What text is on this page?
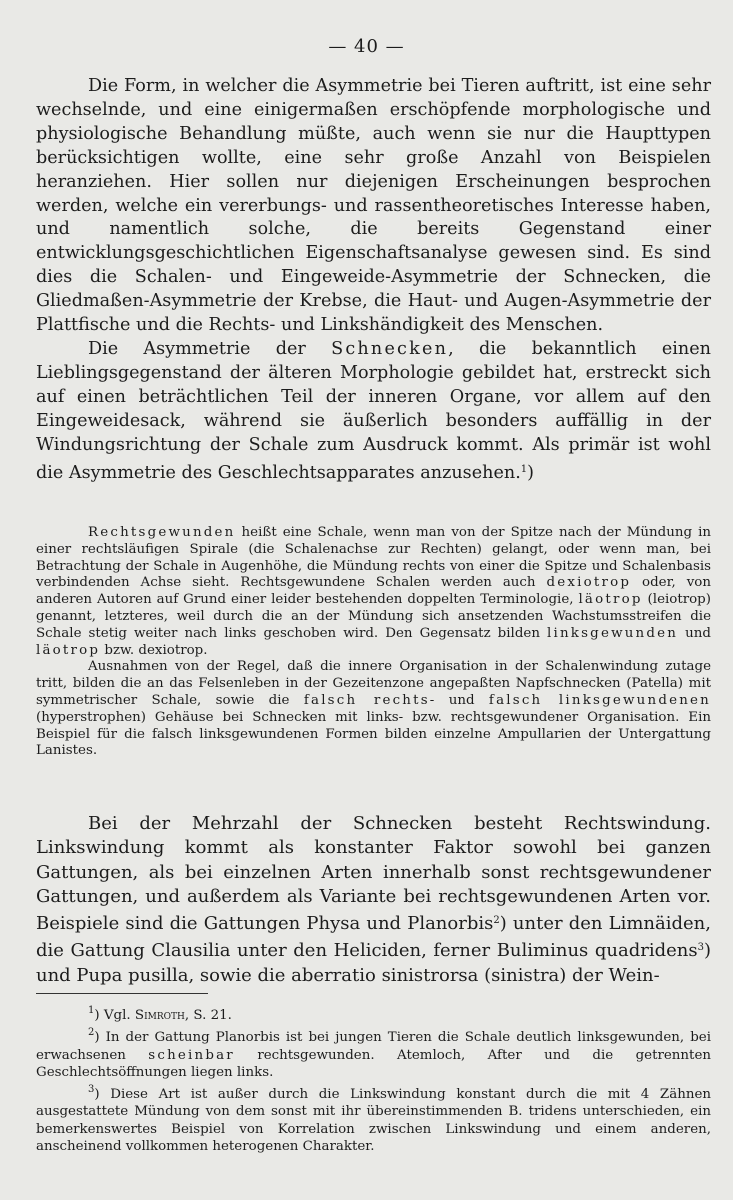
— 40 —

Die Form, in welcher die Asymmetrie bei Tieren auftritt, ist eine sehr wechselnde, und eine einigermaßen erschöpfende morphologische und physiologische Behandlung müßte, auch wenn sie nur die Haupttypen berücksichtigen wollte, eine sehr große Anzahl von Beispielen heranziehen. Hier sollen nur diejenigen Erscheinungen besprochen werden, welche ein vererbungs- und rassentheoretisches Interesse haben, und namentlich solche, die bereits Gegenstand einer entwicklungsgeschichtlichen Eigenschaftsanalyse gewesen sind. Es sind dies die Schalen- und Eingeweide-Asymmetrie der Schnecken, die Gliedmaßen-Asymmetrie der Krebse, die Haut- und Augen-Asymmetrie der Plattfische und die Rechts- und Linkshändigkeit des Menschen.

Die Asymmetrie der Schnecken, die bekanntlich einen Lieblingsgegenstand der älteren Morphologie gebildet hat, erstreckt sich auf einen beträchtlichen Teil der inneren Organe, vor allem auf den Eingeweidesack, während sie äußerlich besonders auffällig in der Windungsrichtung der Schale zum Ausdruck kommt. Als primär ist wohl die Asymmetrie des Geschlechtsapparates anzusehen.$^1$)

Rechtsgewunden heißt eine Schale, wenn man von der Spitze nach der Mündung in einer rechtsläufigen Spirale (die Schalenachse zur Rechten) gelangt, oder wenn man, bei Betrachtung der Schale in Augenhöhe, die Mündung rechts von einer die Spitze und Schalenbasis verbindenden Achse sieht. Rechtsgewundene Schalen werden auch dexiotrop oder, von anderen Autoren auf Grund einer leider bestehenden doppelten Terminologie, läotrop (leiotrop) genannt, letzteres, weil durch die an der Mündung sich ansetzenden Wachstumsstreifen die Schale stetig weiter nach links geschoben wird. Den Gegensatz bilden linksgewunden und läotrop bzw. dexiotrop.

Ausnahmen von der Regel, daß die innere Organisation in der Schalenwindung zutage tritt, bilden die an das Felsenleben in der Gezeitenzone angepaßten Napfschnecken (Patella) mit symmetrischer Schale, sowie die falsch rechts- und falsch linksgewundenen (hyperstrophen) Gehäuse bei Schnecken mit links- bzw. rechtsgewundener Organisation. Ein Beispiel für die falsch linksgewundenen Formen bilden einzelne Ampullarien der Untergattung Lanistes.

Bei der Mehrzahl der Schnecken besteht Rechtswindung. Linkswindung kommt als konstanter Faktor sowohl bei ganzen Gattungen, als bei einzelnen Arten innerhalb sonst rechtsgewundener Gattungen, und außerdem als Variante bei rechtsgewundenen Arten vor. Beispiele sind die Gattungen Physa und Planorbis$^2$) unter den Limnäiden, die Gattung Clausilia unter den Heliciden, ferner Buliminus quadridens$^3$) und Pupa pusilla, sowie die aberratio sinistrorsa (sinistra) der Wein-

$^1$) Vgl. Simroth, S. 21.

$^2$) In der Gattung Planorbis ist bei jungen Tieren die Schale deutlich linksgewunden, bei erwachsenen scheinbar rechtsgewunden. Atemloch, After und die getrennten Geschlechtsöffnungen liegen links.

$^3$) Diese Art ist außer durch die Linkswindung konstant durch die mit 4 Zähnen ausgestattete Mündung von dem sonst mit ihr übereinstimmenden B. tridens unterschieden, ein bemerkenswertes Beispiel von Korrelation zwischen Linkswindung und einem anderen, anscheinend vollkommen heterogenen Charakter.
